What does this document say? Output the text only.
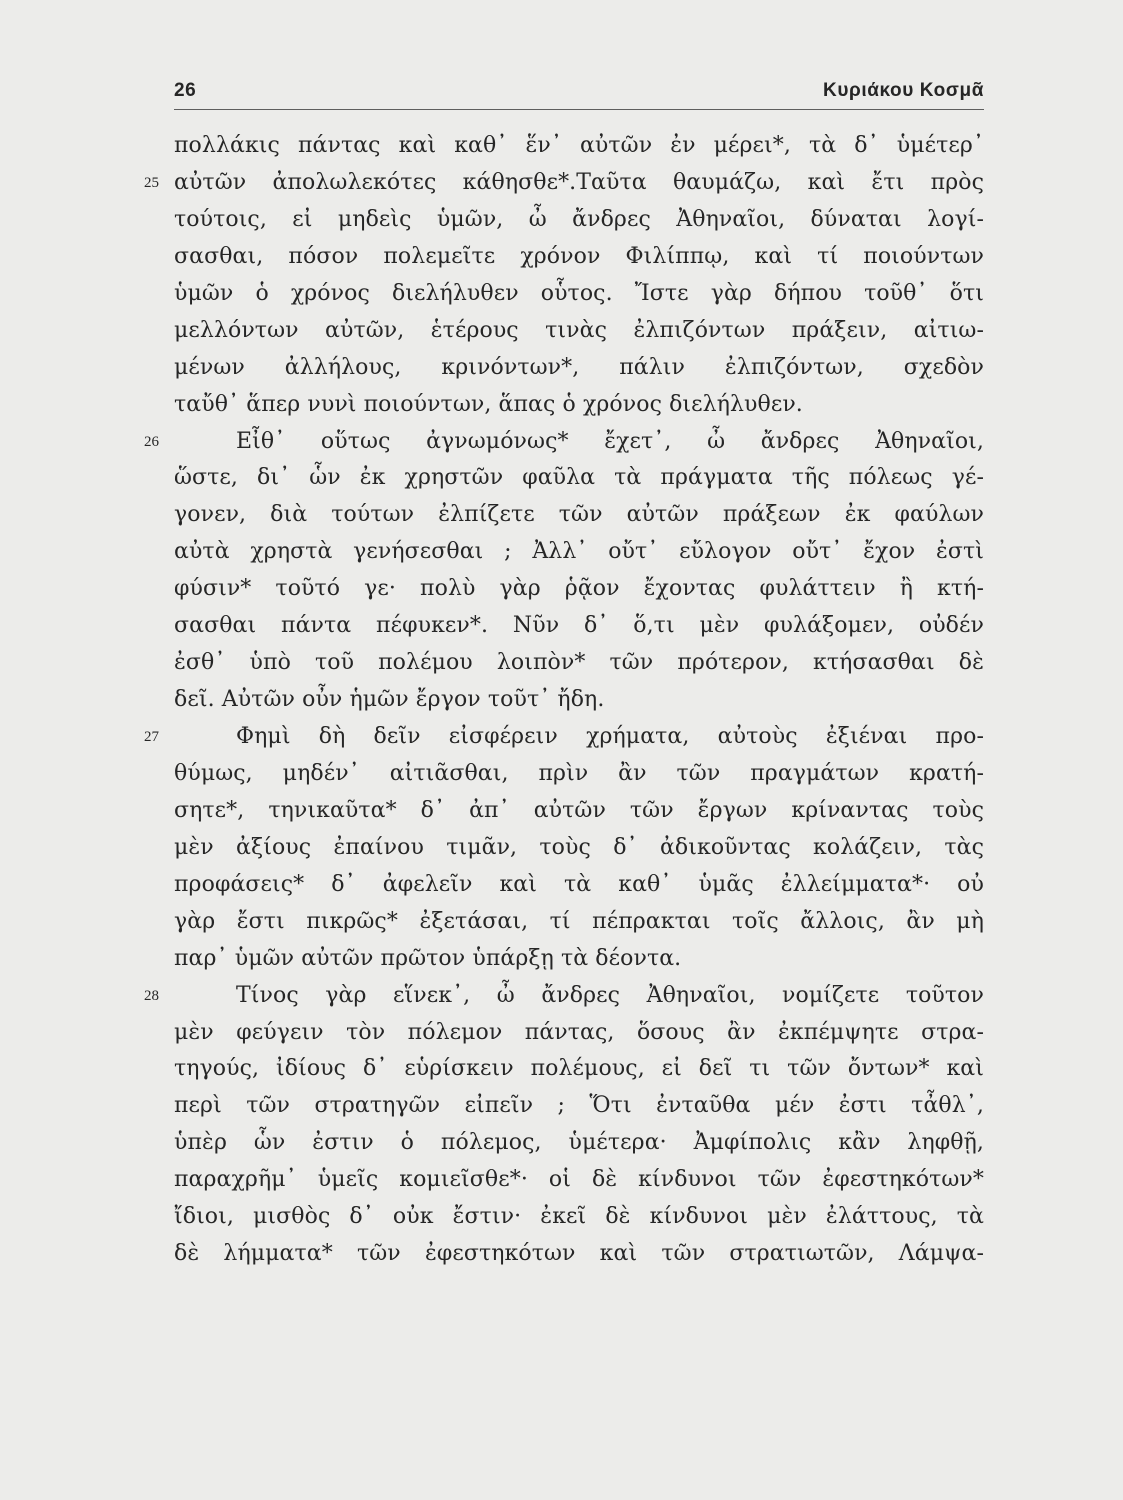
26	Κυριάκου Κοσμᾶ
πολλάκις πάντας καὶ καθ᾽ ἕν᾽ αὐτῶν ἐν μέρει*, τὰ δ᾽ ὑμέτερ᾽
25 αὐτῶν ἀπολωλεκότες κάθησθε*.Ταῦτα θαυμάζω, καὶ ἔτι πρὸς
τούτοις, εἰ μηδεὶς ὑμῶν, ὦ ἄνδρες Ἀθηναῖοι, δύναται λογί-
σασθαι, πόσον πολεμεῖτε χρόνον Φιλίππῳ, καὶ τί ποιούντων
ὑμῶν ὁ χρόνος διελήλυθεν οὗτος. Ἴστε γὰρ δήπου τοῦθ᾽ ὅτι
μελλόντων αὐτῶν, ἑτέρους τινὰς ἐλπιζόντων πράξειν, αἰτιω-
μένων ἀλλήλους, κρινόντων*, πάλιν ἐλπιζόντων, σχεδὸν
ταὔθ᾽ ἅπερ νυνὶ ποιούντων, ἅπας ὁ χρόνος διελήλυθεν.
26	Εἶθ᾽ οὕτως ἀγνωμόνως* ἔχετ᾽, ὦ ἄνδρες Ἀθηναῖοι,
ὥστε, δι᾽ ὧν ἐκ χρηστῶν φαῦλα τὰ πράγματα τῆς πόλεως γέ-
γονεν, διὰ τούτων ἐλπίζετε τῶν αὐτῶν πράξεων ἐκ φαύλων
αὐτὰ χρηστὰ γενήσεσθαι ; Ἀλλ᾽ οὔτ᾽ εὔλογον οὔτ᾽ ἔχον ἐστὶ
φύσιν* τοῦτό γε· πολὺ γὰρ ῥᾷον ἔχοντας φυλάττειν ἢ κτή-
σασθαι πάντα πέφυκεν*. Νῦν δ᾽ ὅ,τι μὲν φυλάξομεν, οὐδέν
ἐσθ᾽ ὑπὸ τοῦ πολέμου λοιπὸν* τῶν πρότερον, κτήσασθαι δὲ
δεῖ. Αὐτῶν οὖν ἡμῶν ἔργον τοῦτ᾽ ἤδη.
27	Φημὶ δὴ δεῖν εἰσφέρειν χρήματα, αὐτοὺς ἐξιέναι προ-
θύμως, μηδέν᾽ αἰτιᾶσθαι, πρὶν ἂν τῶν πραγμάτων κρατή-
σητε*, τηνικαῦτα* δ᾽ ἀπ᾽ αὐτῶν τῶν ἔργων κρίναντας τοὺς
μὲν ἀξίους ἐπαίνου τιμᾶν, τοὺς δ᾽ ἀδικοῦντας κολάζειν, τὰς
προφάσεις* δ᾽ ἀφελεῖν καὶ τὰ καθ᾽ ὑμᾶς ἐλλείμματα*· οὐ
γὰρ ἔστι πικρῶς* ἐξετάσαι, τί πέπρακται τοῖς ἄλλοις, ἂν μὴ
παρ᾽ ὑμῶν αὐτῶν πρῶτον ὑπάρξῃ τὰ δέοντα.
28	Τίνος γὰρ εἵνεκ᾽, ὦ ἄνδρες Ἀθηναῖοι, νομίζετε τοῦτον
μὲν φεύγειν τὸν πόλεμον πάντας, ὅσους ἂν ἐκπέμψητε στρα-
τηγούς, ἰδίους δ᾽ εὑρίσκειν πολέμους, εἰ δεῖ τι τῶν ὄντων* καὶ
περὶ τῶν στρατηγῶν εἰπεῖν ; Ὅτι ἐνταῦθα μέν ἐστι τἆθλ᾽,
ὑπὲρ ὧν ἐστιν ὁ πόλεμος, ὑμέτερα· Ἀμφίπολις κἂν ληφθῇ,
παραχρῆμ᾽ ὑμεῖς κομιεῖσθε*· οἱ δὲ κίνδυνοι τῶν ἐφεστηκότων*
ἴδιοι, μισθὸς δ᾽ οὐκ ἔστιν· ἐκεῖ δὲ κίνδυνοι μὲν ἐλάττους, τὰ
δὲ λήμματα* τῶν ἐφεστηκότων καὶ τῶν στρατιωτῶν, Λάμψα-
